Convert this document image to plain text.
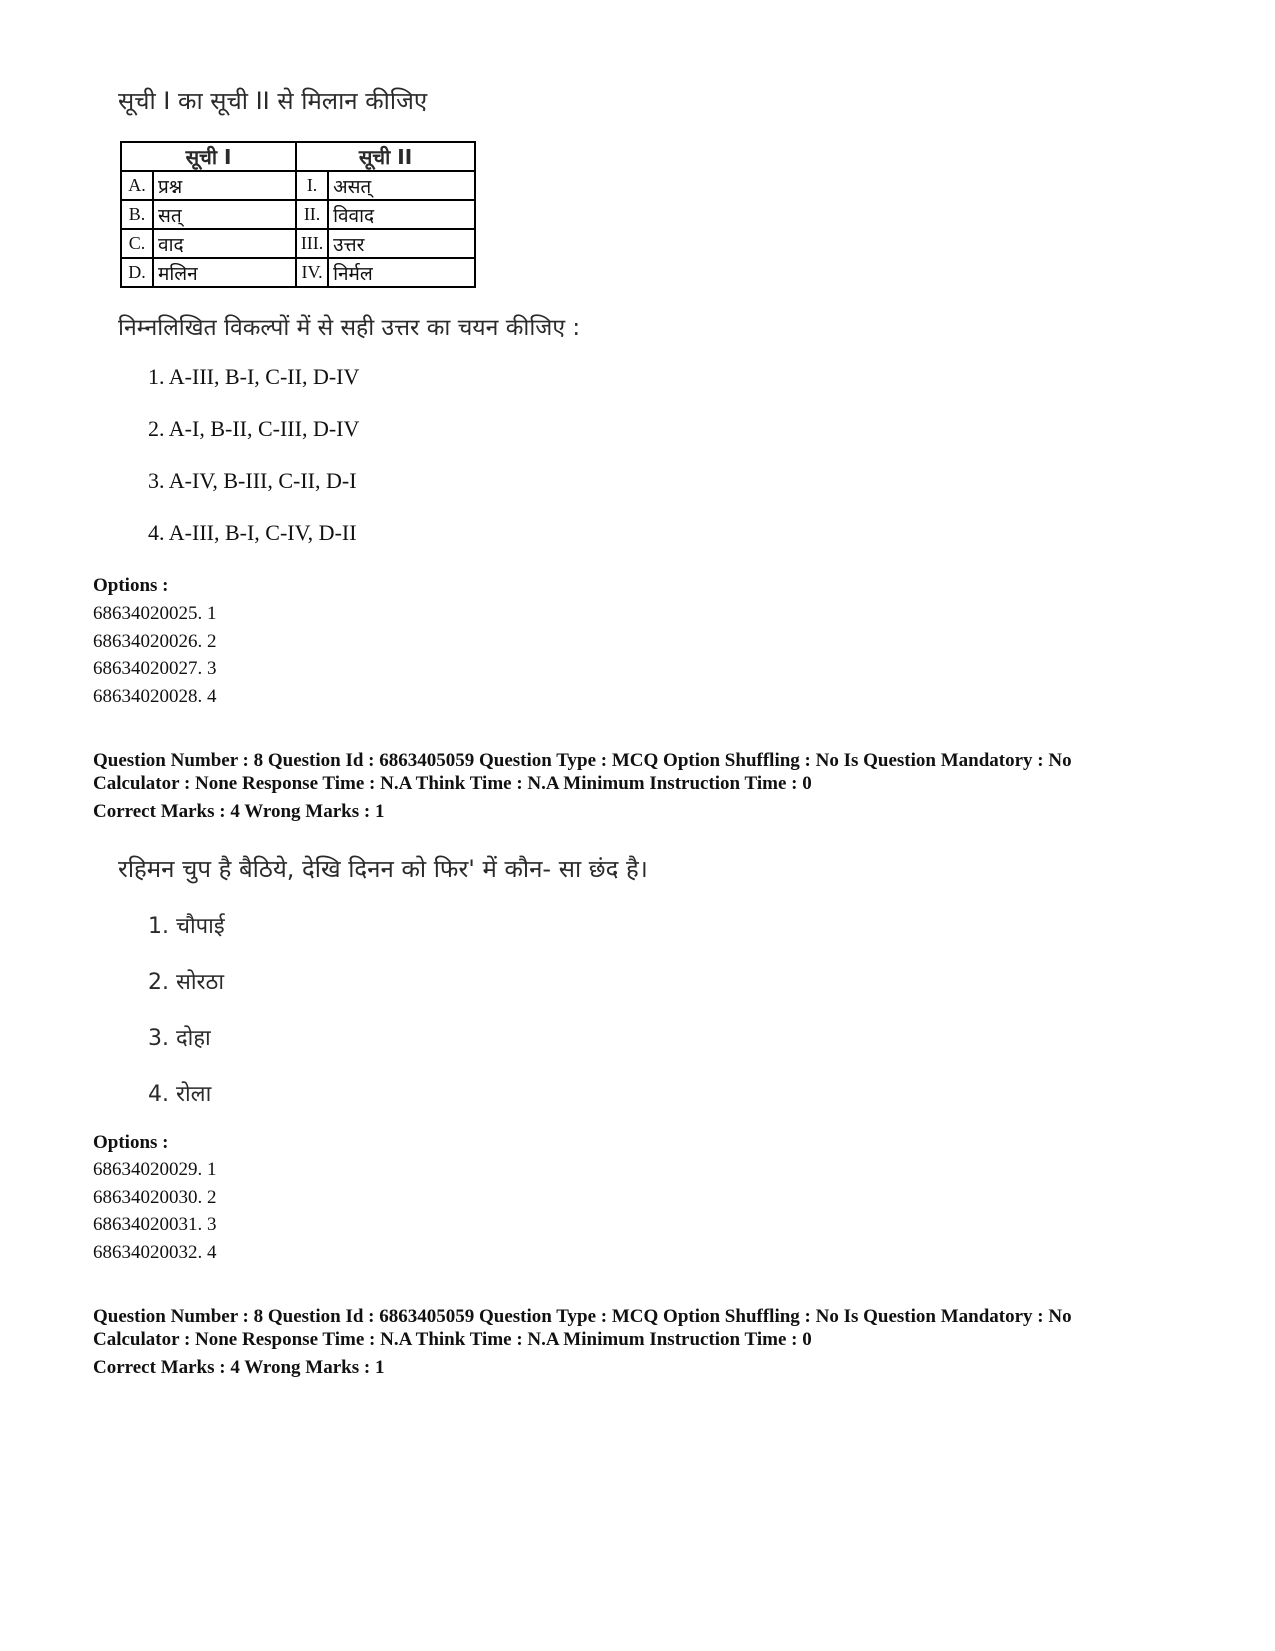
सूची I का सूची II से मिलान कीजिए
सूची I		सूची II	
A.	प्रश्न	I.	असत्
B.	सत्	II.	विवाद
C.	वाद	III.	उत्तर
D.	मलिन	IV.	निर्मल
निम्नलिखित विकल्पों में से सही उत्तर का चयन कीजिए :
1. A-III, B-I, C-II, D-IV
2. A-I, B-II, C-III, D-IV
3. A-IV, B-III, C-II, D-I
4. A-III, B-I, C-IV, D-II
Options :
68634020025. 1
68634020026. 2
68634020027. 3
68634020028. 4
Question Number : 8 Question Id : 6863405059 Question Type : MCQ Option Shuffling : No Is Question Mandatory : No
Calculator : None Response Time : N.A Think Time : N.A Minimum Instruction Time : 0
Correct Marks : 4 Wrong Marks : 1
रहिमन चुप है बैठिये, देखि दिनन को फिर' में कौन- सा छंद है।
1. चौपाई
2. सोरठा
3. दोहा
4. रोला
Options :
68634020029. 1
68634020030. 2
68634020031. 3
68634020032. 4
Question Number : 8 Question Id : 6863405059 Question Type : MCQ Option Shuffling : No Is Question Mandatory : No
Calculator : None Response Time : N.A Think Time : N.A Minimum Instruction Time : 0
Correct Marks : 4 Wrong Marks : 1
